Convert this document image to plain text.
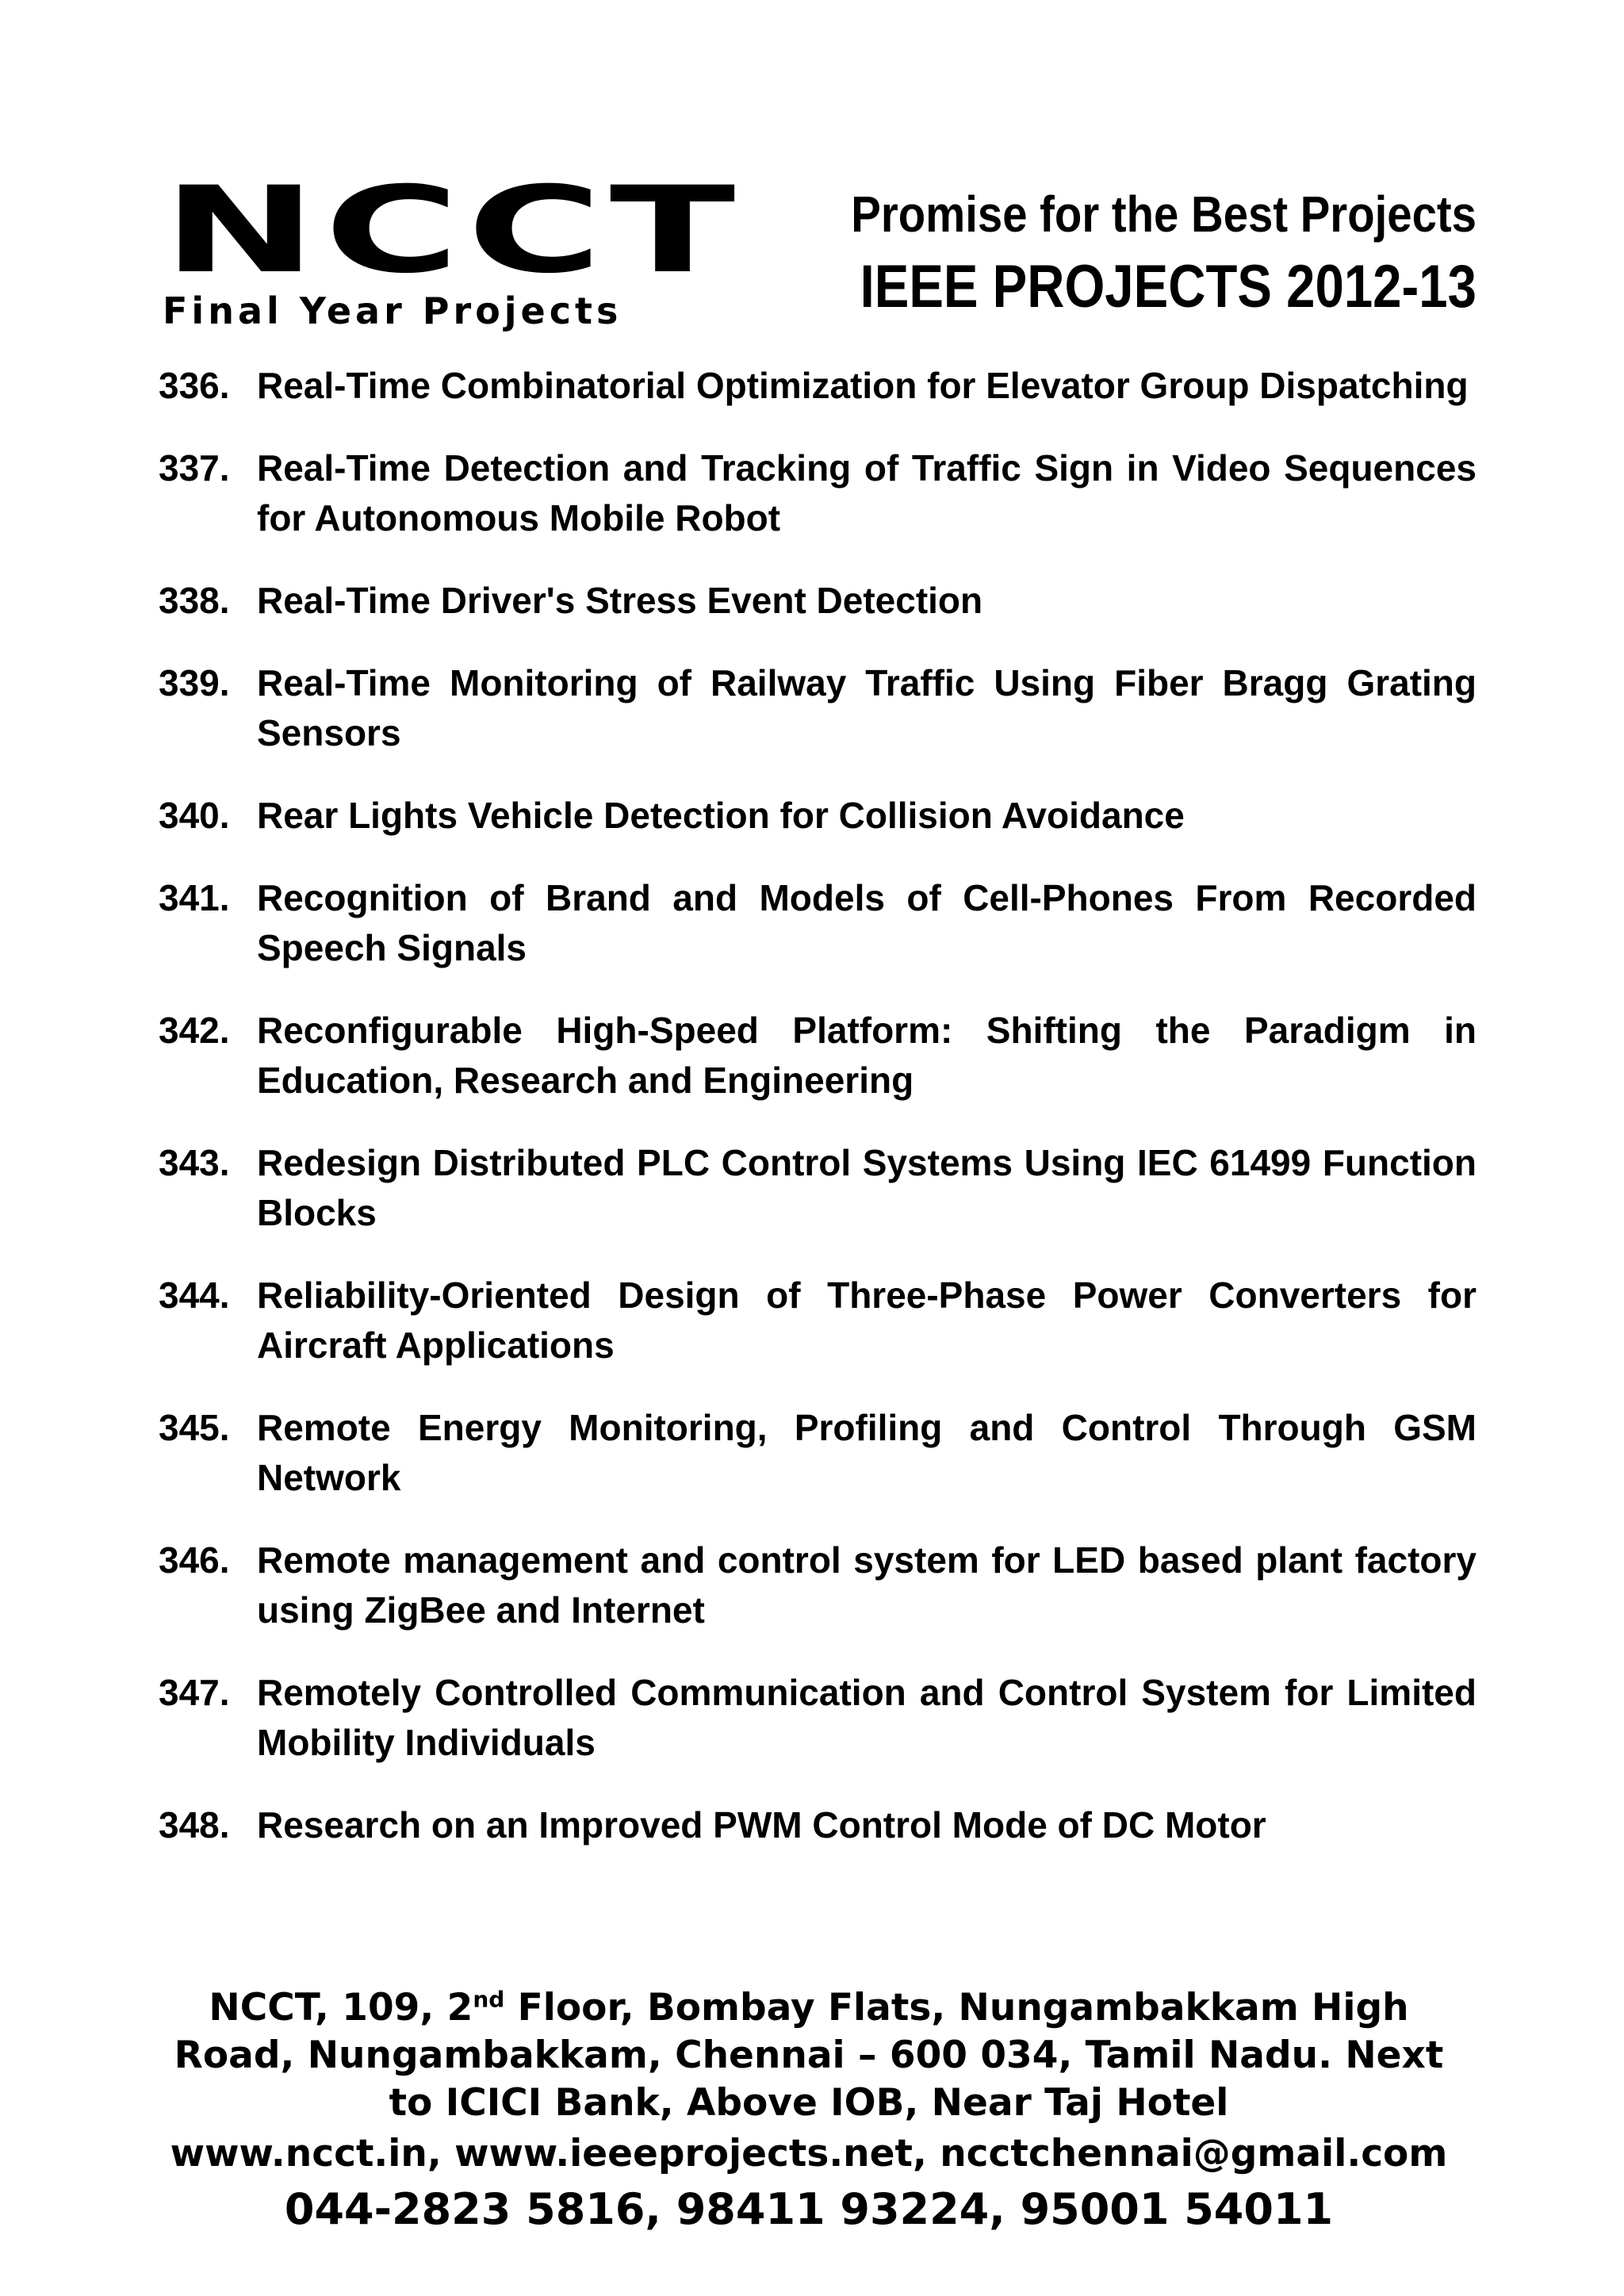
NCCT
Final Year Projects
Promise for the Best Projects
IEEE PROJECTS 2012-13
336. Real-Time Combinatorial Optimization for Elevator Group Dispatching
337. Real-Time Detection and Tracking of Traffic Sign in Video Sequences for Autonomous Mobile Robot
338. Real-Time Driver's Stress Event Detection
339. Real-Time Monitoring of Railway Traffic Using Fiber Bragg Grating Sensors
340. Rear Lights Vehicle Detection for Collision Avoidance
341. Recognition of Brand and Models of Cell-Phones From Recorded Speech Signals
342. Reconfigurable High-Speed Platform: Shifting the Paradigm in Education, Research and Engineering
343. Redesign Distributed PLC Control Systems Using IEC 61499 Function Blocks
344. Reliability-Oriented Design of Three-Phase Power Converters for Aircraft Applications
345. Remote Energy Monitoring, Profiling and Control Through GSM Network
346. Remote management and control system for LED based plant factory using ZigBee and Internet
347. Remotely Controlled Communication and Control System for Limited Mobility Individuals
348. Research on an Improved PWM Control Mode of DC Motor
NCCT, 109, 2nd Floor, Bombay Flats, Nungambakkam High
Road, Nungambakkam, Chennai – 600 034, Tamil Nadu. Next
to ICICI Bank, Above IOB, Near Taj Hotel
www.ncct.in, www.ieeeprojects.net, ncctchennai@gmail.com
044-2823 5816, 98411 93224, 95001 54011
